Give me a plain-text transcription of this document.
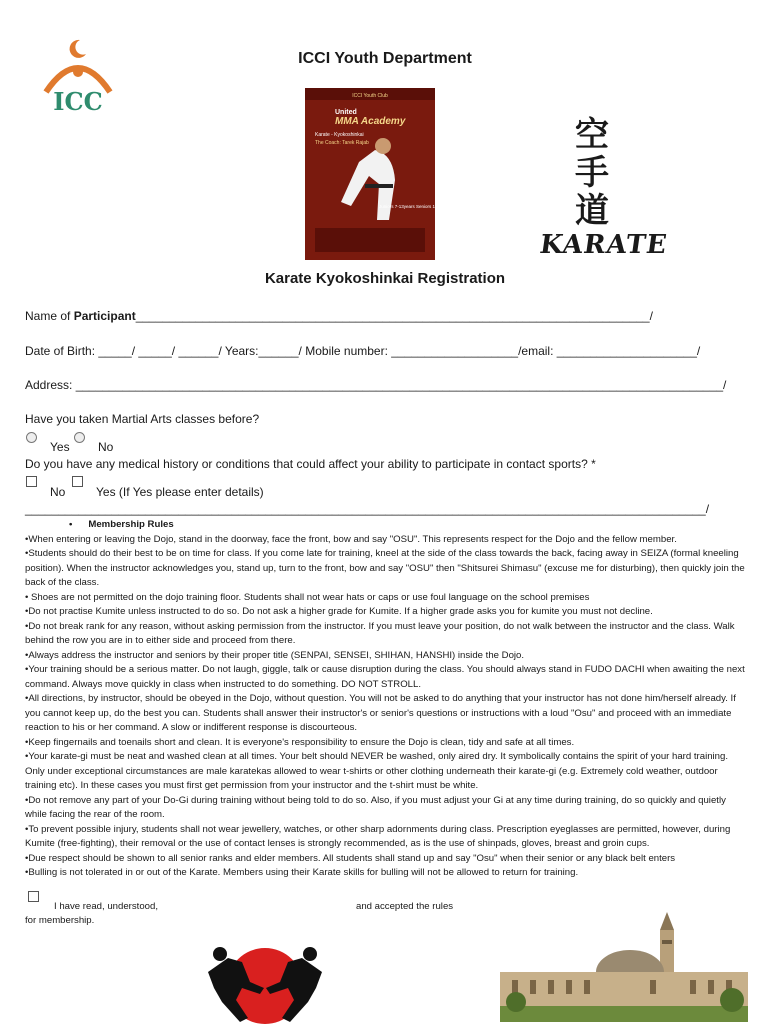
ICC
ICCI Youth Department
ICCI Youth Club
United
MMA Academy
Karate - Kyokoshinkai
The Coach: Tarek Rajab
Juniors 7-13years Seniors 13+ years
空
手
道
KARATE
Karate Kyokoshinkai Registration
Name of Participant_____________________________________________________________________________/
Date of Birth: _____/ _____/ ______/ Years:______/ Mobile number: ___________________/email: _____________________/
Address: _________________________________________________________________________________________________/
Have you taken Martial Arts classes before?
Yes No
Do you have any medical history or conditions that could affect your ability to participate in contact sports? *
No	Yes (If Yes please enter details)
______________________________________________________________________________________________________/

• Membership Rules

•When entering or leaving the Dojo, stand in the doorway, face the front, bow and say "OSU". This represents respect for the Dojo and the fellow member.

•Students should do their best to be on time for class. If you come late for training, kneel at the side of the class towards the back, facing away in SEIZA (formal kneeling position). When the instructor acknowledges you, stand up, turn to the front, bow and say "OSU" then "Shitsurei Shimasu" (excuse me for disturbing), then quickly join the back of the class.

• Shoes are not permitted on the dojo training floor. Students shall not wear hats or caps or use foul language on the school premises

•Do not practise Kumite unless instructed to do so. Do not ask a higher grade for Kumite. If a higher grade asks you for kumite you must not decline.

•Do not break rank for any reason, without asking permission from the instructor. If you must leave your position, do not walk between the instructor and the class. Walk behind the row you are in to either side and proceed from there.

•Always address the instructor and seniors by their proper title (SENPAI, SENSEI, SHIHAN, HANSHI) inside the Dojo.

•Your training should be a serious matter. Do not laugh, giggle, talk or cause disruption during the class. You should always stand in FUDO DACHI when awaiting the next command. Always move quickly in class when instructed to do something. DO NOT STROLL.

•All directions, by instructor, should be obeyed in the Dojo, without question. You will not be asked to do anything that your instructor has not done him/herself already. If you cannot keep up, do the best you can. Students shall answer their instructor's or senior's questions or instructions with a loud "Osu" and proceed with an immediate reaction to his or her command. A slow or indifferent response is discourteous.

•Keep fingernails and toenails short and clean. It is everyone's responsibility to ensure the Dojo is clean, tidy and safe at all times.

•Your karate-gi must be neat and washed clean at all times. Your belt should NEVER be washed, only aired dry. It symbolically contains the spirit of your hard training. Only under exceptional circumstances are male karatekas allowed to wear t-shirts or other clothing underneath their karate-gi (e.g. Extremely cold weather, outdoor training etc). In these cases you must first get permission from your instructor and the t-shirt must be white.

•Do not remove any part of your Do-Gi during training without being told to do so. Also, if you must adjust your Gi at any time during training, do so quickly and quietly while facing the rear of the room.

•To prevent possible injury, students shall not wear jewellery, watches, or other sharp adornments during class. Prescription eyeglasses are permitted, however, during Kumite (free-fighting), their removal or the use of contact lenses is strongly recommended, as is the use of shinpads, gloves, breast and groin cups.

•Due respect should be shown to all senior ranks and elder members. All students shall stand up and say "Osu" when their senior or any black belt enters

•Bulling is not tolerated in or out of the Karate. Members using their Karate skills for bulling will not be allowed to return for training.

I have read, understood,	and accepted the rules
for membership.
